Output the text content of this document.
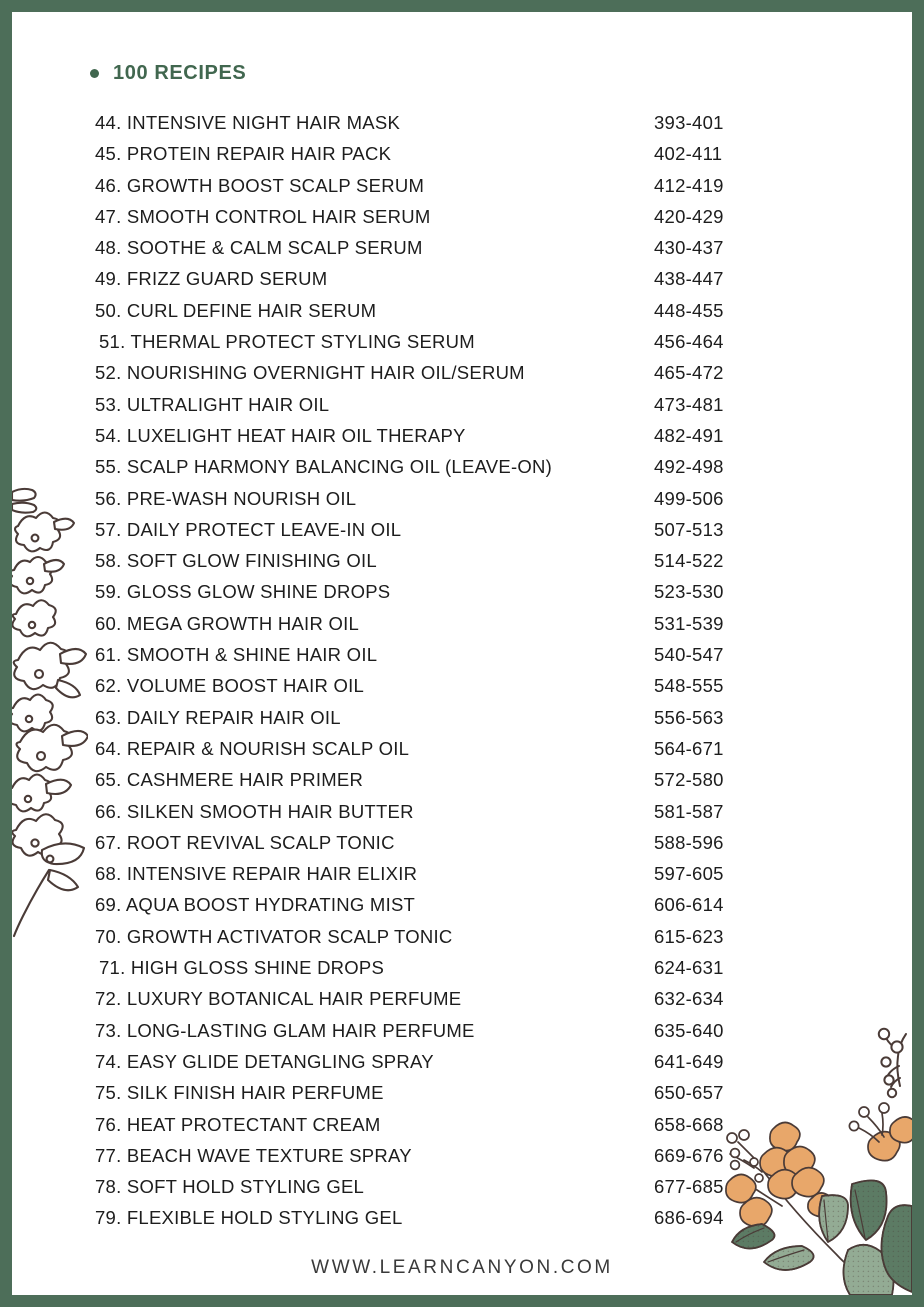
100 RECIPES
44. INTENSIVE NIGHT HAIR MASK	393-401
45. PROTEIN REPAIR HAIR PACK	402-411
46. GROWTH BOOST SCALP SERUM	412-419
47. SMOOTH CONTROL HAIR SERUM	420-429
48. SOOTHE & CALM SCALP SERUM	430-437
49. FRIZZ GUARD SERUM	438-447
50. CURL DEFINE HAIR SERUM	448-455
51. THERMAL PROTECT STYLING SERUM	456-464
52. NOURISHING OVERNIGHT HAIR OIL/SERUM	465-472
53. ULTRALIGHT HAIR OIL	473-481
54. LUXELIGHT HEAT HAIR OIL THERAPY	482-491
55. SCALP HARMONY BALANCING OIL (LEAVE-ON)	492-498
56. PRE-WASH NOURISH OIL	499-506
57. DAILY PROTECT LEAVE-IN OIL	507-513
58. SOFT GLOW FINISHING OIL	514-522
59. GLOSS GLOW SHINE DROPS	523-530
60. MEGA GROWTH HAIR OIL	531-539
61. SMOOTH & SHINE HAIR OIL	540-547
62. VOLUME BOOST HAIR OIL	548-555
63. DAILY REPAIR HAIR OIL	556-563
64. REPAIR & NOURISH SCALP OIL	564-671
65. CASHMERE HAIR PRIMER	572-580
66. SILKEN SMOOTH HAIR BUTTER	581-587
67. ROOT REVIVAL SCALP TONIC	588-596
68. INTENSIVE REPAIR HAIR ELIXIR	597-605
69. AQUA BOOST HYDRATING MIST	606-614
70. GROWTH ACTIVATOR SCALP TONIC	615-623
71. HIGH GLOSS SHINE DROPS	624-631
72. LUXURY BOTANICAL HAIR PERFUME	632-634
73. LONG-LASTING GLAM HAIR PERFUME	635-640
74. EASY GLIDE DETANGLING SPRAY	641-649
75. SILK FINISH HAIR PERFUME	650-657
76. HEAT PROTECTANT CREAM	658-668
77. BEACH WAVE TEXTURE SPRAY	669-676
78. SOFT HOLD STYLING GEL	677-685
79. FLEXIBLE HOLD STYLING GEL	686-694
WWW.LEARNCANYON.COM
